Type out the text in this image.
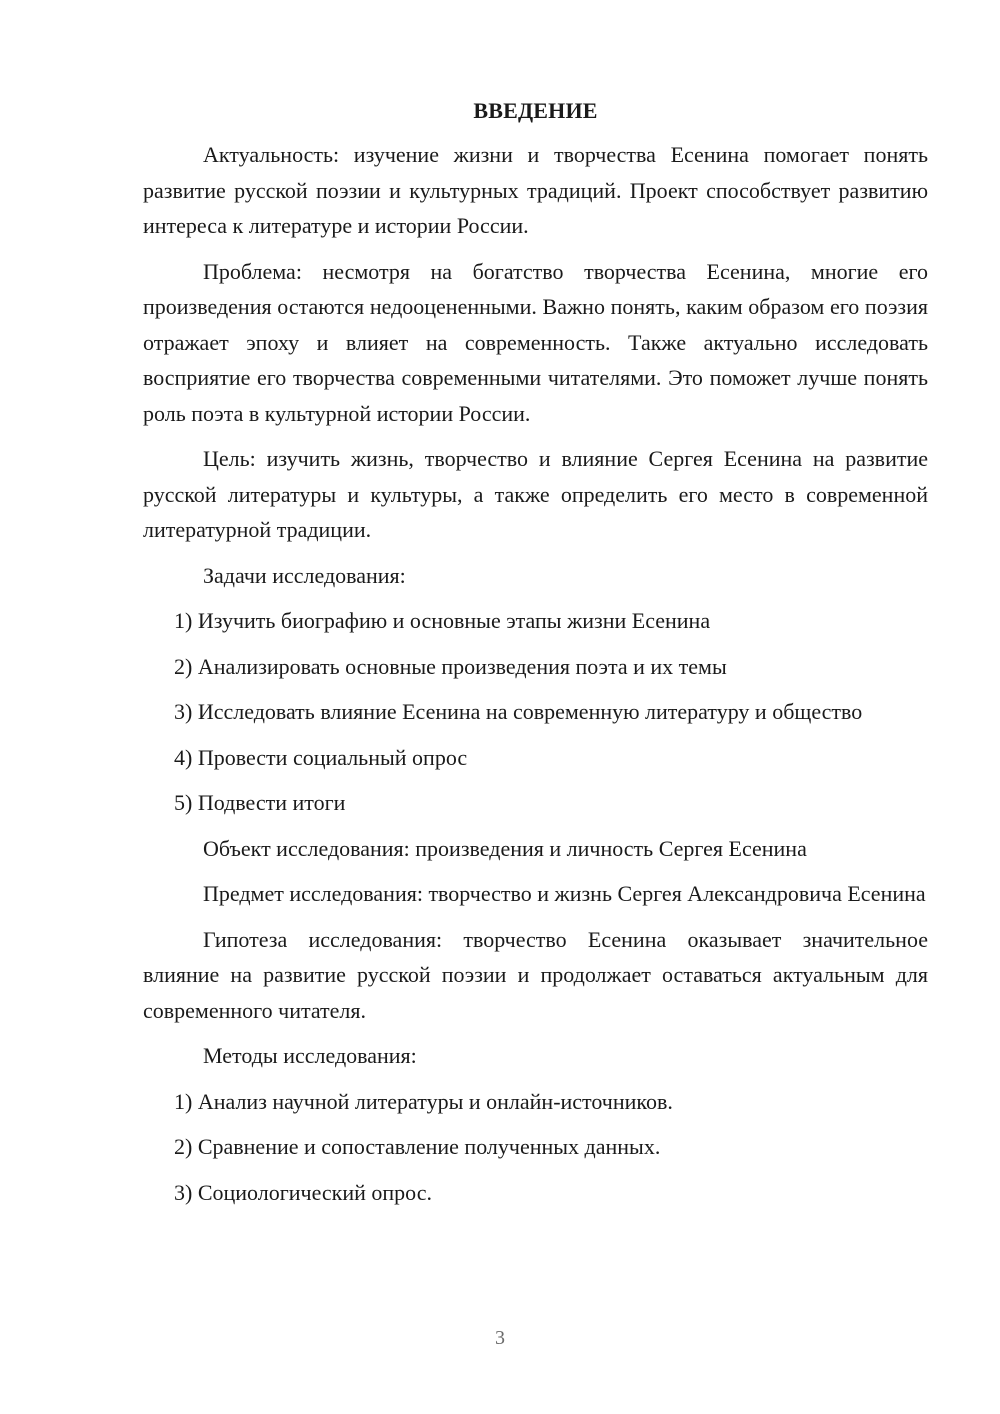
ВВЕДЕНИЕ

Актуальность: изучение жизни и творчества Есенина помогает понять развитие русской поэзии и культурных традиций. Проект способствует развитию интереса к литературе и истории России.

Проблема: несмотря на богатство творчества Есенина, многие его произведения остаются недооцененными. Важно понять, каким образом его поэзия отражает эпоху и влияет на современность. Также актуально исследовать восприятие его творчества современными читателями. Это поможет лучше понять роль поэта в культурной истории России.

Цель: изучить жизнь, творчество и влияние Сергея Есенина на развитие русской литературы и культуры, а также определить его место в современной литературной традиции.

Задачи исследования:

1) Изучить биографию и основные этапы жизни Есенина

2) Анализировать основные произведения поэта и их темы

3) Исследовать влияние Есенина на современную литературу и общество

4) Провести социальный опрос

5) Подвести итоги

Объект исследования: произведения и личность Сергея Есенина

Предмет исследования: творчество и жизнь Сергея Александровича Есенина

Гипотеза исследования: творчество Есенина оказывает значительное влияние на развитие русской поэзии и продолжает оставаться актуальным для современного читателя.

Методы исследования:

1) Анализ научной литературы и онлайн-источников.

2) Сравнение и сопоставление полученных данных.

3) Социологический опрос.

3
